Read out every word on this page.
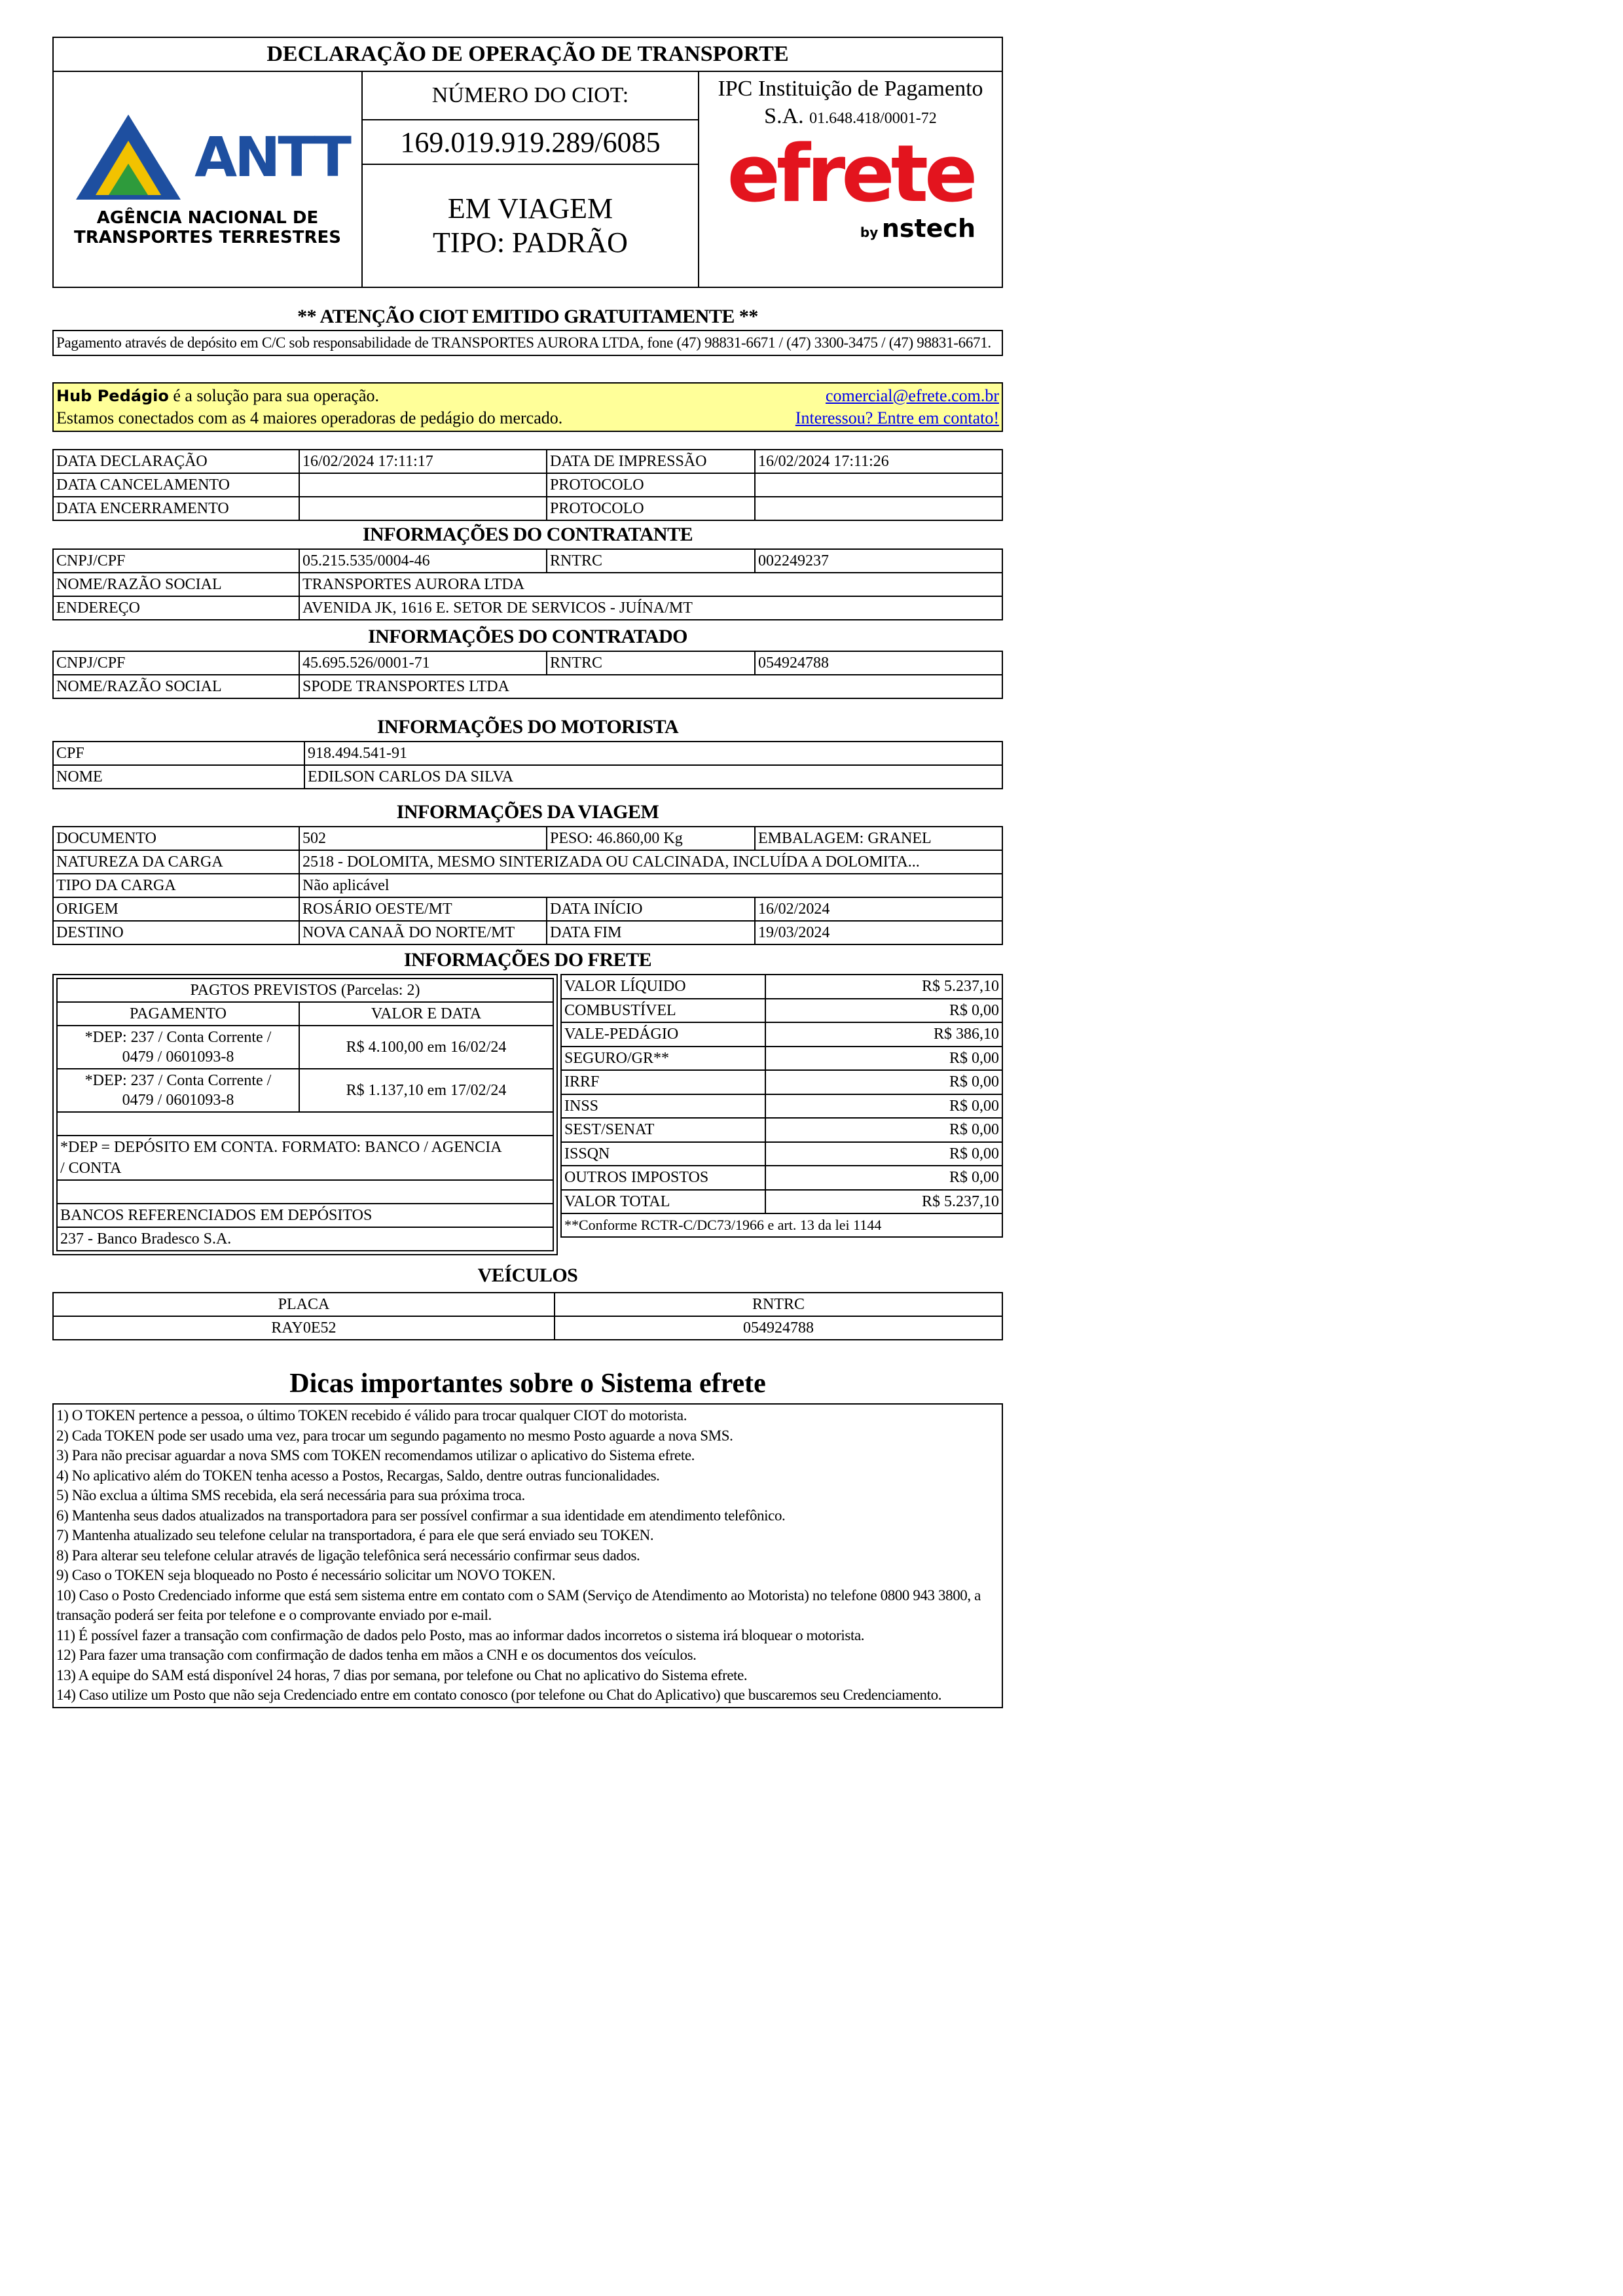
DECLARAÇÃO DE OPERAÇÃO DE TRANSPORTE
ANTT
AGÊNCIA NACIONAL DE
TRANSPORTES TERRESTRES
NÚMERO DO CIOT:
169.019.919.289/6085
EM VIAGEM
TIPO: PADRÃO
IPC Instituição de Pagamento
S.A. 01.648.418/0001-72
efrete
by nstech
** ATENÇÃO CIOT EMITIDO GRATUITAMENTE **
Pagamento através de depósito em C/C sob responsabilidade de TRANSPORTES AURORA LTDA, fone (47) 98831-6671 / (47) 3300-3475 / (47) 98831-6671.
Hub Pedágio é a solução para sua operação.
Estamos conectados com as 4 maiores operadoras de pedágio do mercado.
comercial@efrete.com.br
Interessou? Entre em contato!
DATA DECLARAÇÃO	16/02/2024 17:11:17	DATA DE IMPRESSÃO	16/02/2024 17:11:26
DATA CANCELAMENTO		PROTOCOLO	
DATA ENCERRAMENTO		PROTOCOLO	
INFORMAÇÕES DO CONTRATANTE
CNPJ/CPF	05.215.535/0004-46	RNTRC	002249237
NOME/RAZÃO SOCIAL	TRANSPORTES AURORA LTDA		
ENDEREÇO	AVENIDA JK, 1616 E. SETOR DE SERVICOS - JUÍNA/MT		
INFORMAÇÕES DO CONTRATADO
CNPJ/CPF	45.695.526/0001-71	RNTRC	054924788
NOME/RAZÃO SOCIAL	SPODE TRANSPORTES LTDA		
INFORMAÇÕES DO MOTORISTA
CPF	918.494.541-91
NOME	EDILSON CARLOS DA SILVA
INFORMAÇÕES DA VIAGEM
DOCUMENTO	502	PESO: 46.860,00 Kg	EMBALAGEM: GRANEL
NATUREZA DA CARGA	2518 - DOLOMITA, MESMO SINTERIZADA OU CALCINADA, INCLUÍDA A DOLOMITA...		
TIPO DA CARGA	Não aplicável		
ORIGEM	ROSÁRIO OESTE/MT	DATA INÍCIO	16/02/2024
DESTINO	NOVA CANAÃ DO NORTE/MT	DATA FIM	19/03/2024
INFORMAÇÕES DO FRETE
PAGTOS PREVISTOS (Parcelas: 2)	
PAGAMENTO	VALOR E DATA

*DEP: 237 / Conta Corrente /
0479 / 0601093-8	R$ 4.100,00 em 16/02/24

*DEP: 237 / Conta Corrente /
0479 / 0601093-8	R$ 1.137,10 em 17/02/24

*DEP = DEPÓSITO EM CONTA. FORMATO: BANCO / AGENCIA
/ CONTA	

BANCOS REFERENCIADOS EM DEPÓSITOS	
237 - Banco Bradesco S.A.	
VALOR LÍQUIDO	R$ 5.237,10
COMBUSTÍVEL	R$ 0,00
VALE-PEDÁGIO	R$ 386,10
SEGURO/GR**	R$ 0,00
IRRF	R$ 0,00
INSS	R$ 0,00
SEST/SENAT	R$ 0,00
ISSQN	R$ 0,00
OUTROS IMPOSTOS	R$ 0,00
VALOR TOTAL	R$ 5.237,10
**Conforme RCTR-C/DC73/1966 e art. 13 da lei 1144	
VEÍCULOS
PLACA	RNTRC
RAY0E52	054924788
Dicas importantes sobre o Sistema efrete
1) O TOKEN pertence a pessoa, o último TOKEN recebido é válido para trocar qualquer CIOT do motorista.
2) Cada TOKEN pode ser usado uma vez, para trocar um segundo pagamento no mesmo Posto aguarde a nova SMS.
3) Para não precisar aguardar a nova SMS com TOKEN recomendamos utilizar o aplicativo do Sistema efrete.
4) No aplicativo além do TOKEN tenha acesso a Postos, Recargas, Saldo, dentre outras funcionalidades.
5) Não exclua a última SMS recebida, ela será necessária para sua próxima troca.
6) Mantenha seus dados atualizados na transportadora para ser possível confirmar a sua identidade em atendimento telefônico.
7) Mantenha atualizado seu telefone celular na transportadora, é para ele que será enviado seu TOKEN.
8) Para alterar seu telefone celular através de ligação telefônica será necessário confirmar seus dados.
9) Caso o TOKEN seja bloqueado no Posto é necessário solicitar um NOVO TOKEN.
10) Caso o Posto Credenciado informe que está sem sistema entre em contato com o SAM (Serviço de Atendimento ao Motorista) no telefone 0800 943 3800, a transação poderá ser feita por telefone e o comprovante enviado por e-mail.
11) É possível fazer a transação com confirmação de dados pelo Posto, mas ao informar dados incorretos o sistema irá bloquear o motorista.
12) Para fazer uma transação com confirmação de dados tenha em mãos a CNH e os documentos dos veículos.
13) A equipe do SAM está disponível 24 horas, 7 dias por semana, por telefone ou Chat no aplicativo do Sistema efrete.
14) Caso utilize um Posto que não seja Credenciado entre em contato conosco (por telefone ou Chat do Aplicativo) que buscaremos seu Credenciamento.
